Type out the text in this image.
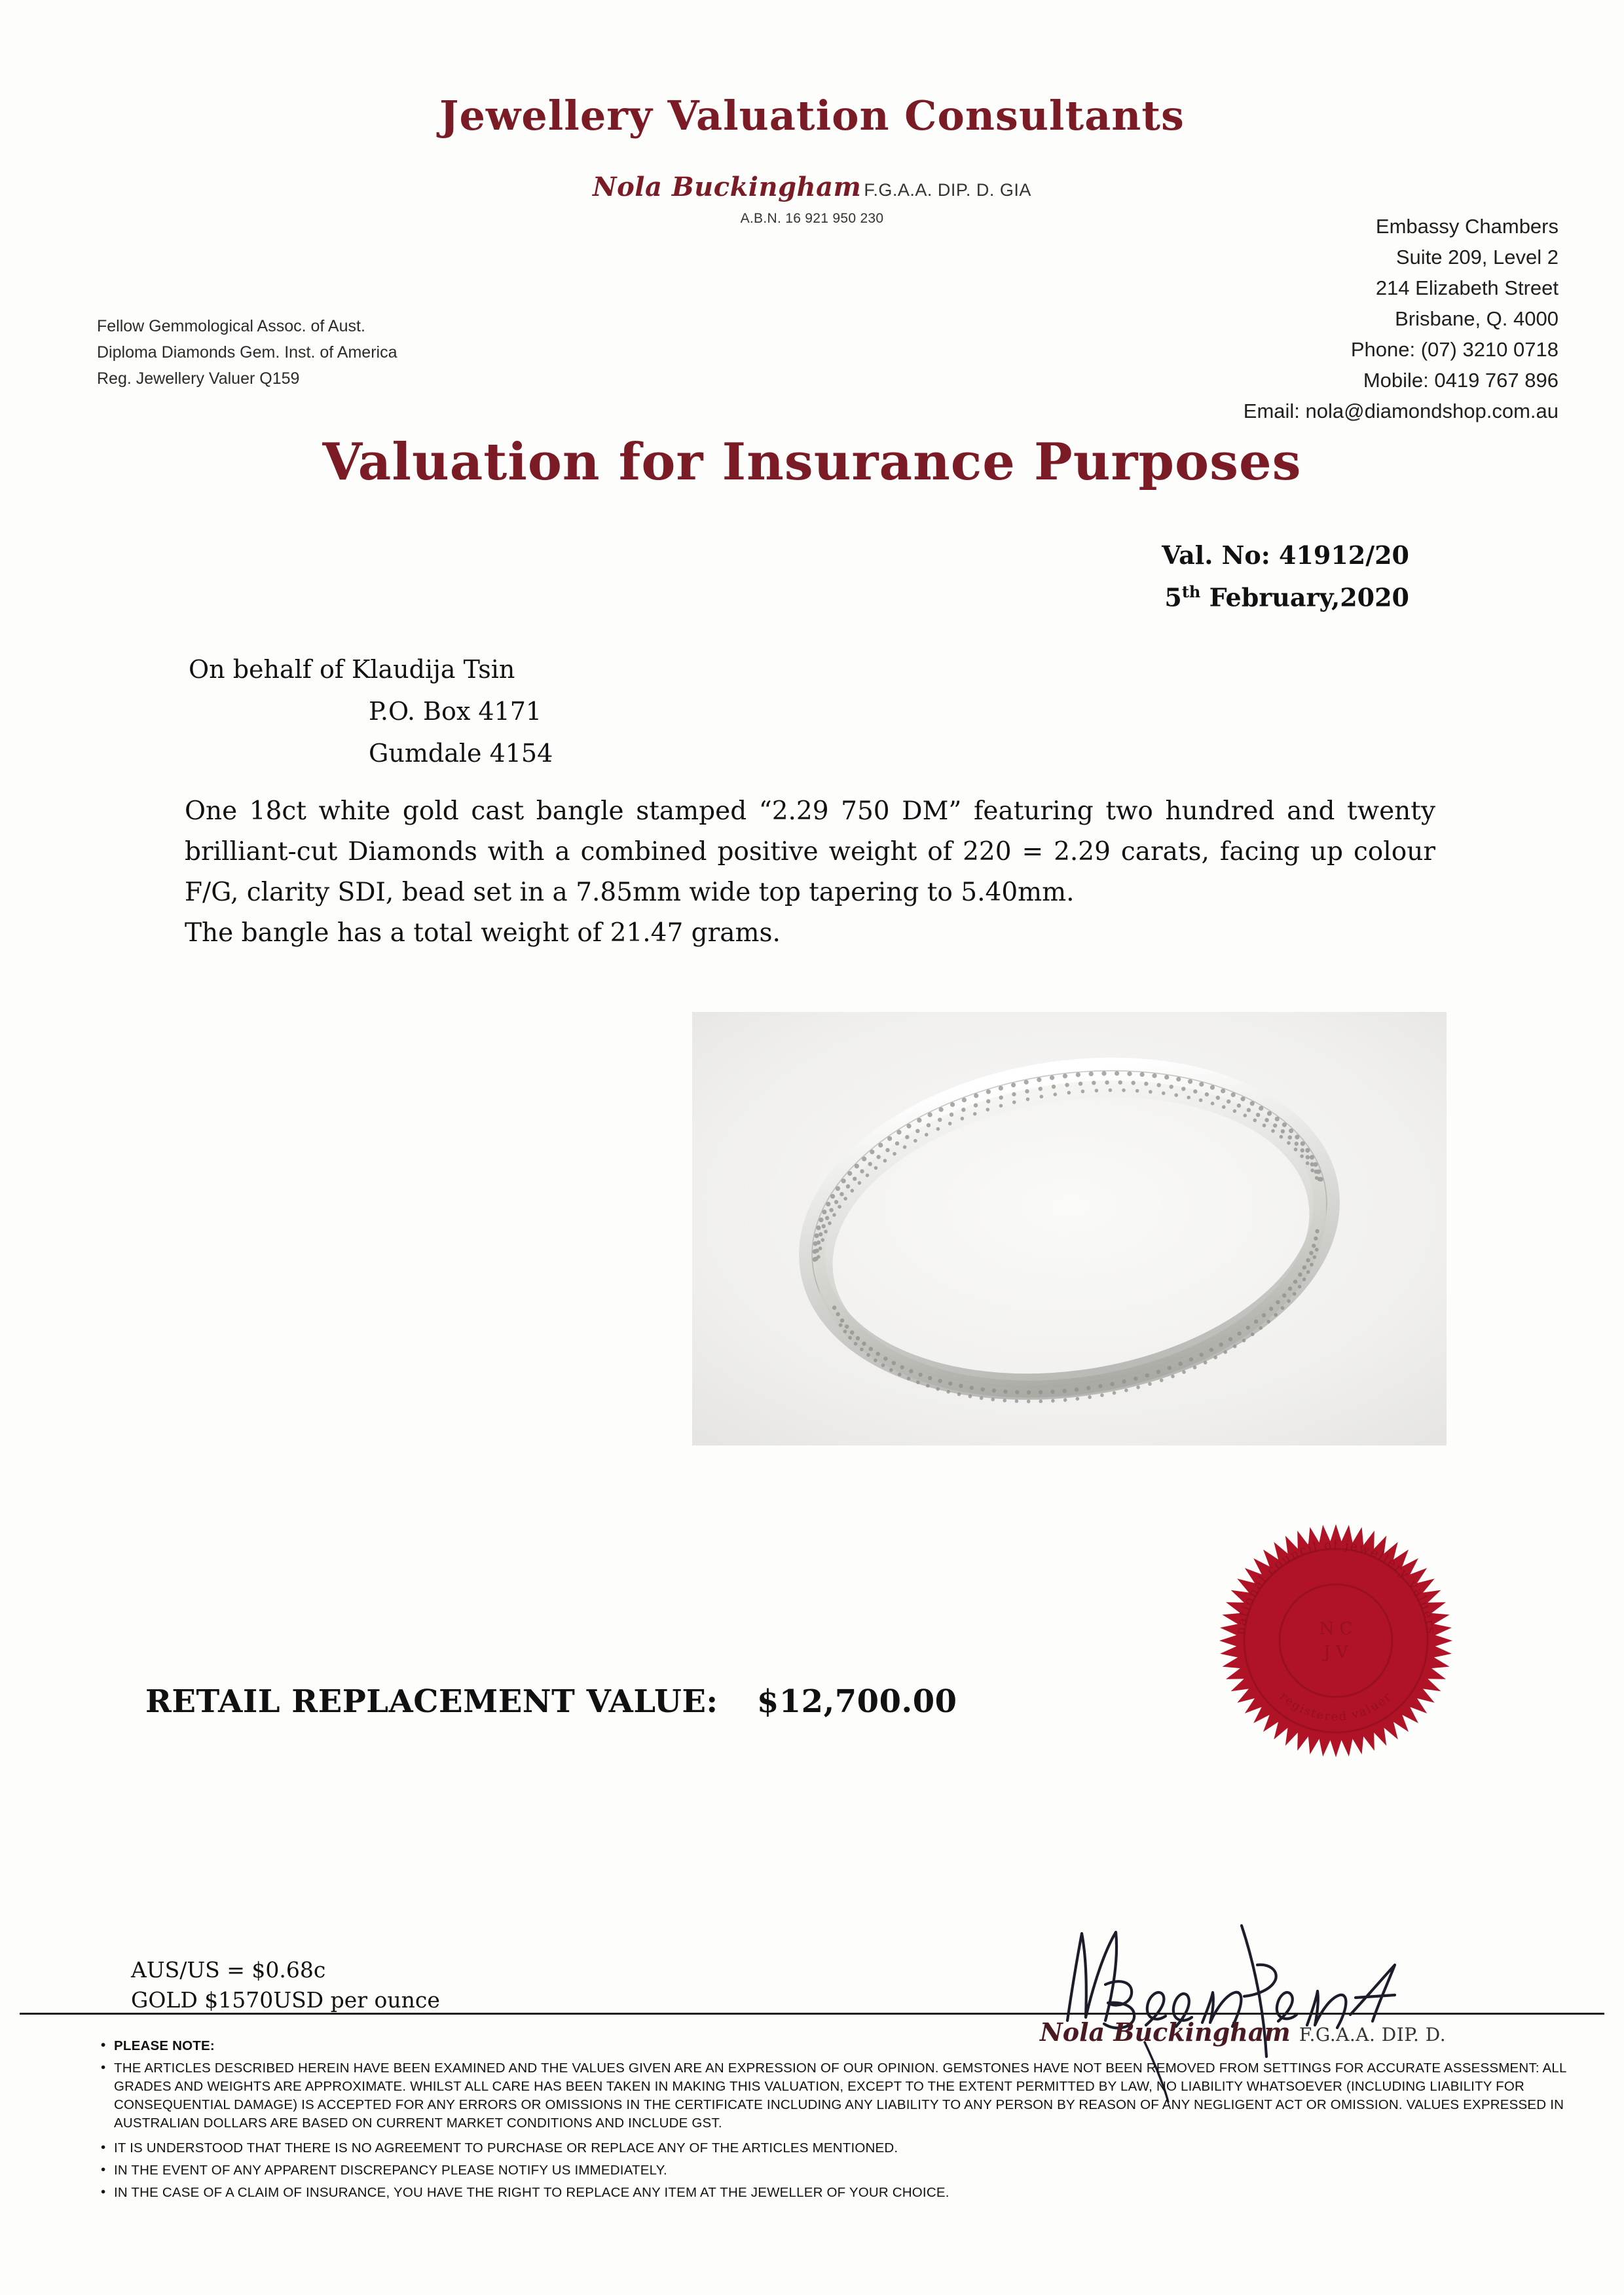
Jewellery Valuation Consultants
Nola Buckingham F.G.A.A. DIP. D. GIA
A.B.N. 16 921 950 230
Fellow Gemmological Assoc. of Aust.
Diploma Diamonds Gem. Inst. of America
Reg. Jewellery Valuer Q159
Embassy Chambers
Suite 209, Level 2
214 Elizabeth Street
Brisbane, Q. 4000
Phone: (07) 3210 0718
Mobile: 0419 767 896
Email: nola@diamondshop.com.au
Valuation for Insurance Purposes
Val. No: 41912/20
5th February,2020
On behalf of Klaudija Tsin
P.O. Box 4171
Gumdale 4154

One 18ct white gold cast bangle stamped “2.29 750 DM” featuring two hundred and twenty brilliant-cut Diamonds with a combined positive weight of 220 = 2.29 carats, facing up colour F/G, clarity SDI, bead set in a 7.85mm wide top tapering to 5.40mm.

The bangle has a total weight of 21.47 grams.

RETAIL REPLACEMENT VALUE: $12,700.00
national council of jewellery valuers
registered valuer
N C
J V
Nola Buckingham F.G.A.A. DIP. D.
AUS/US = $0.68c
GOLD $1570USD per ounce
• PLEASE NOTE:
• THE ARTICLES DESCRIBED HEREIN HAVE BEEN EXAMINED AND THE VALUES GIVEN ARE AN EXPRESSION OF OUR OPINION. GEMSTONES HAVE NOT BEEN REMOVED FROM SETTINGS FOR ACCURATE ASSESSMENT: ALL GRADES AND WEIGHTS ARE APPROXIMATE. WHILST ALL CARE HAS BEEN TAKEN IN MAKING THIS VALUATION, EXCEPT TO THE EXTENT PERMITTED BY LAW, NO LIABILITY WHATSOEVER (INCLUDING LIABILITY FOR CONSEQUENTIAL DAMAGE) IS ACCEPTED FOR ANY ERRORS OR OMISSIONS IN THE CERTIFICATE INCLUDING ANY LIABILITY TO ANY PERSON BY REASON OF ANY NEGLIGENT ACT OR OMISSION. VALUES EXPRESSED IN AUSTRALIAN DOLLARS ARE BASED ON CURRENT MARKET CONDITIONS AND INCLUDE GST.
• IT IS UNDERSTOOD THAT THERE IS NO AGREEMENT TO PURCHASE OR REPLACE ANY OF THE ARTICLES MENTIONED.
• IN THE EVENT OF ANY APPARENT DISCREPANCY PLEASE NOTIFY US IMMEDIATELY.
• IN THE CASE OF A CLAIM OF INSURANCE, YOU HAVE THE RIGHT TO REPLACE ANY ITEM AT THE JEWELLER OF YOUR CHOICE.
